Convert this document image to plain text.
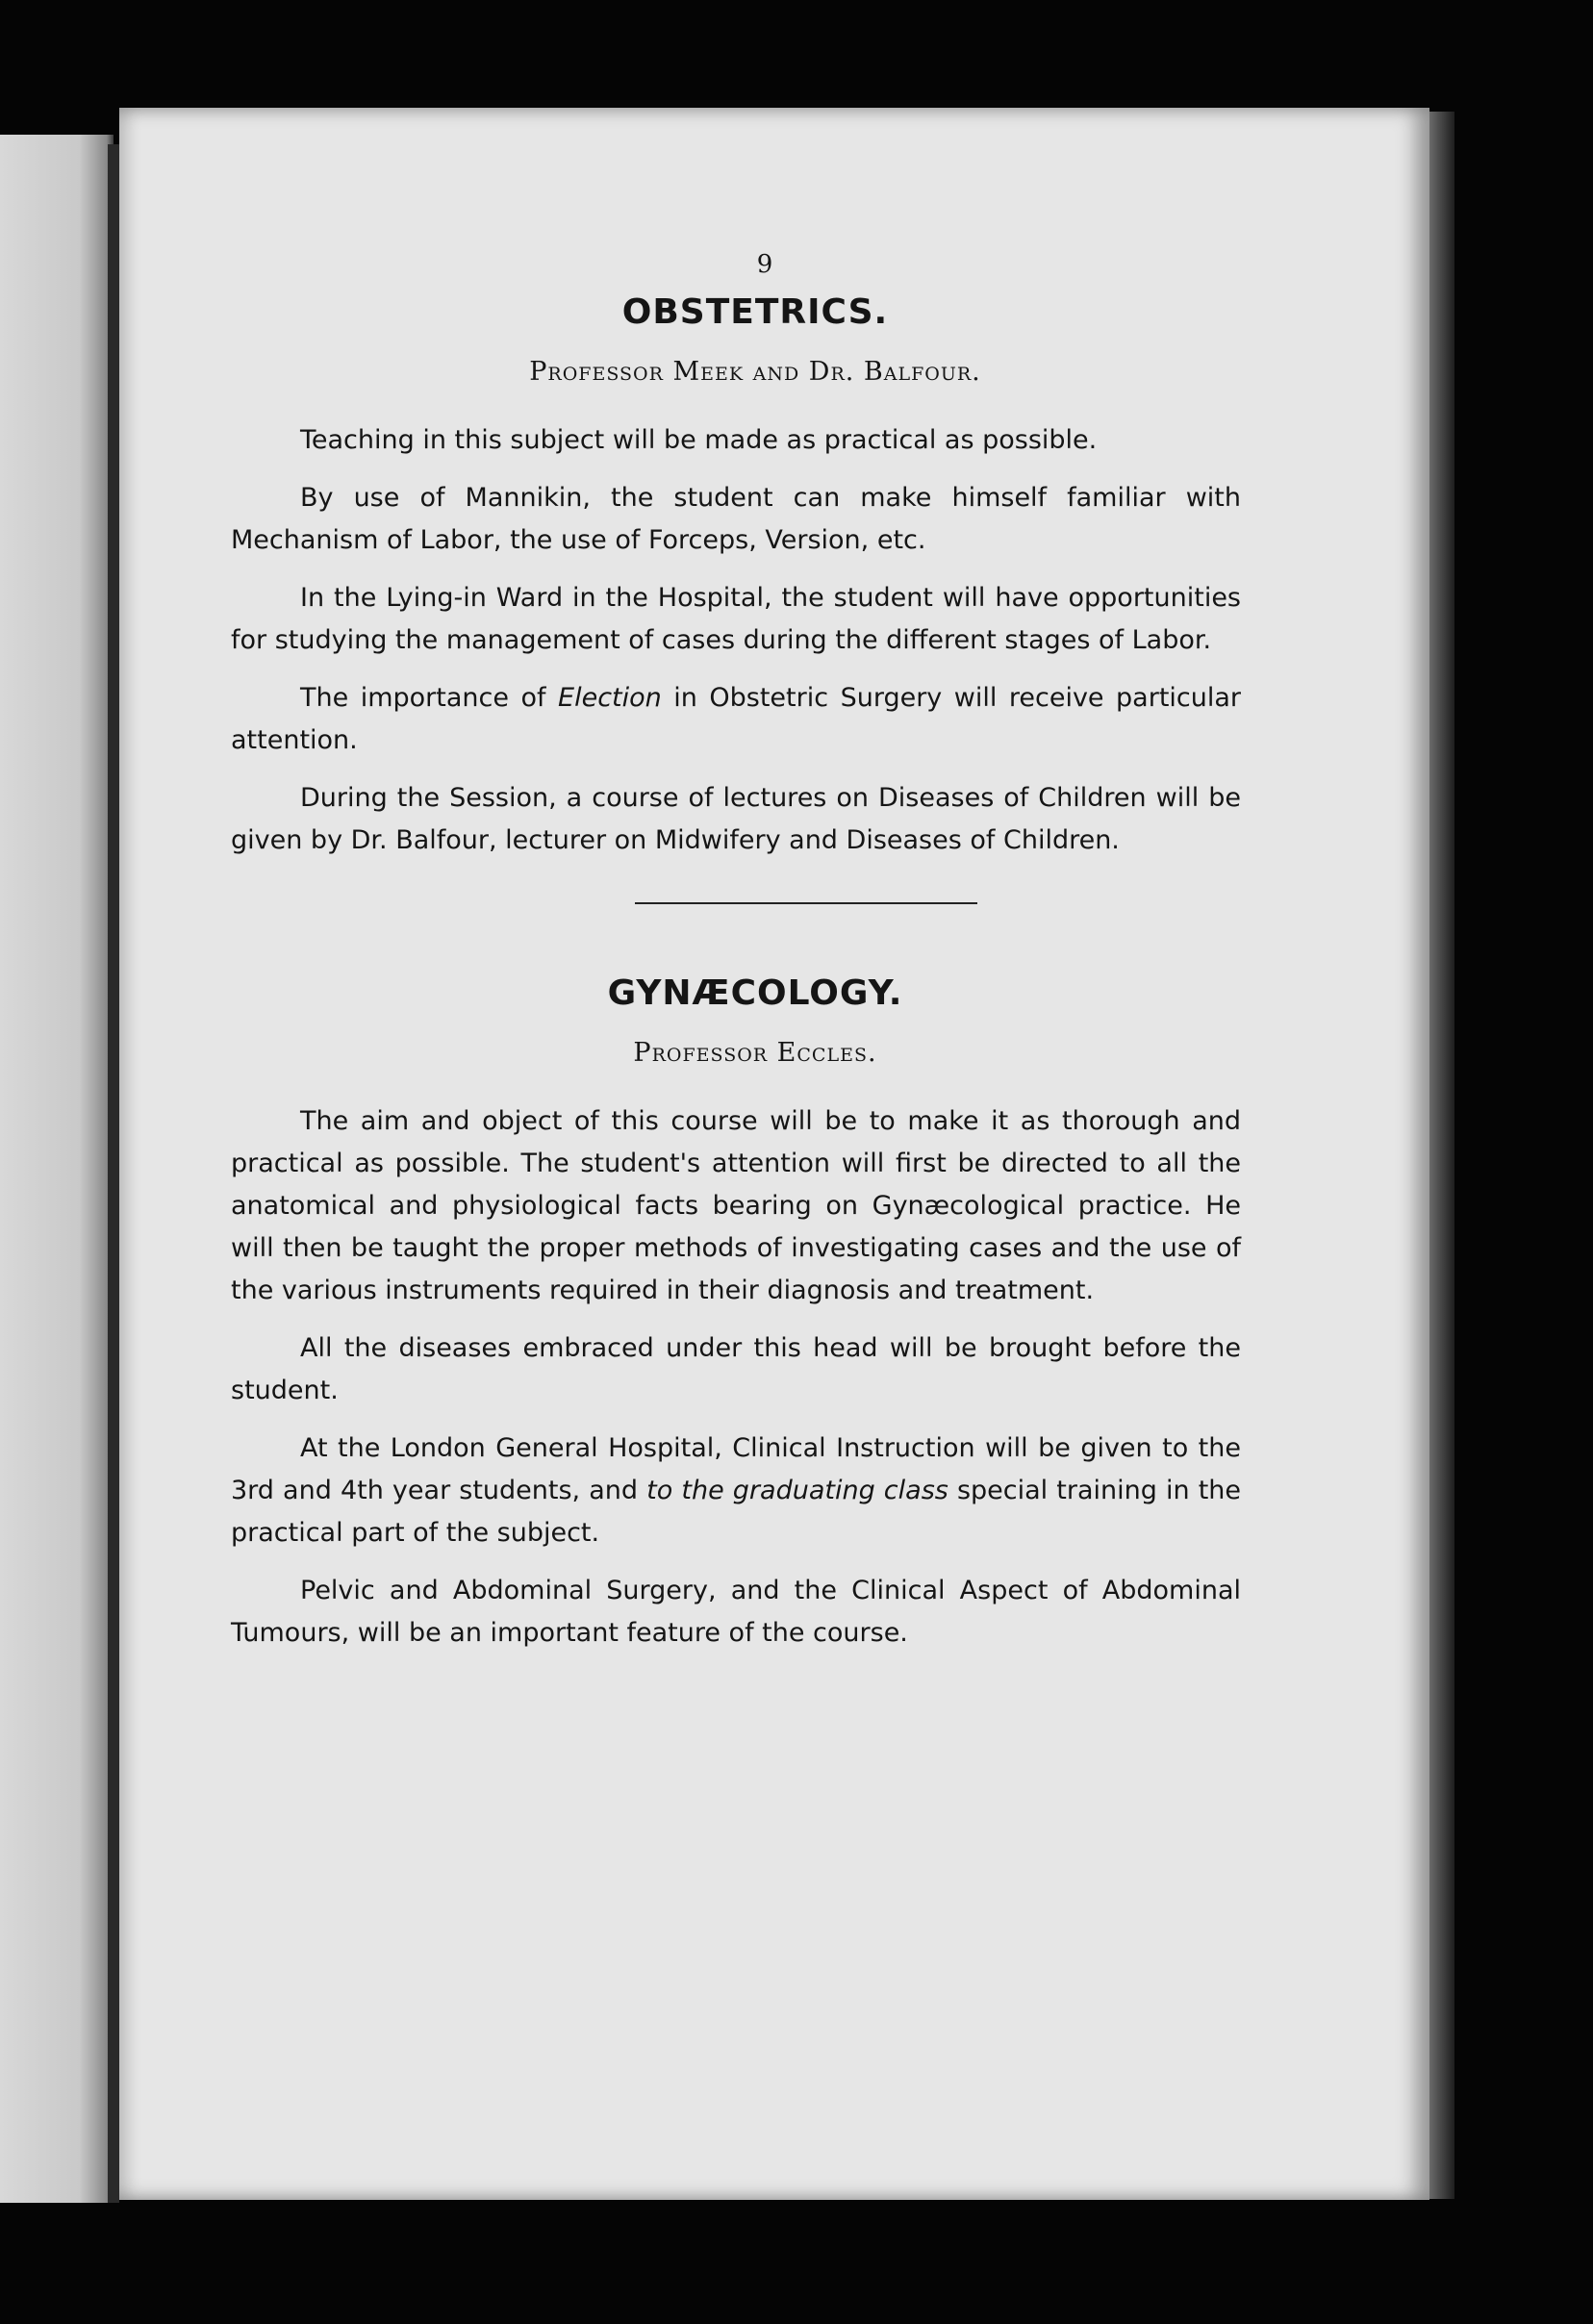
9
OBSTETRICS.
Professor Meek and Dr. Balfour.

Teaching in this subject will be made as practical as possible.

By use of Mannikin, the student can make himself familiar with Mechanism of Labor, the use of Forceps, Version, etc.

In the Lying-in Ward in the Hospital, the student will have opportunities for studying the management of cases during the different stages of Labor.

The importance of Election in Obstetric Surgery will receive particular attention.

During the Session, a course of lectures on Diseases of Children will be given by Dr. Balfour, lecturer on Midwifery and Diseases of Children.

GYNÆCOLOGY.
Professor Eccles.

The aim and object of this course will be to make it as thorough and practical as possible. The student's attention will first be directed to all the anatomical and physiological facts bearing on Gynæcological practice. He will then be taught the proper methods of investigating cases and the use of the various instruments required in their diagnosis and treatment.

All the diseases embraced under this head will be brought before the student.

At the London General Hospital, Clinical Instruction will be given to the 3rd and 4th year students, and to the graduating class special training in the practical part of the subject.

Pelvic and Abdominal Surgery, and the Clinical Aspect of Abdominal Tumours, will be an important feature of the course.
